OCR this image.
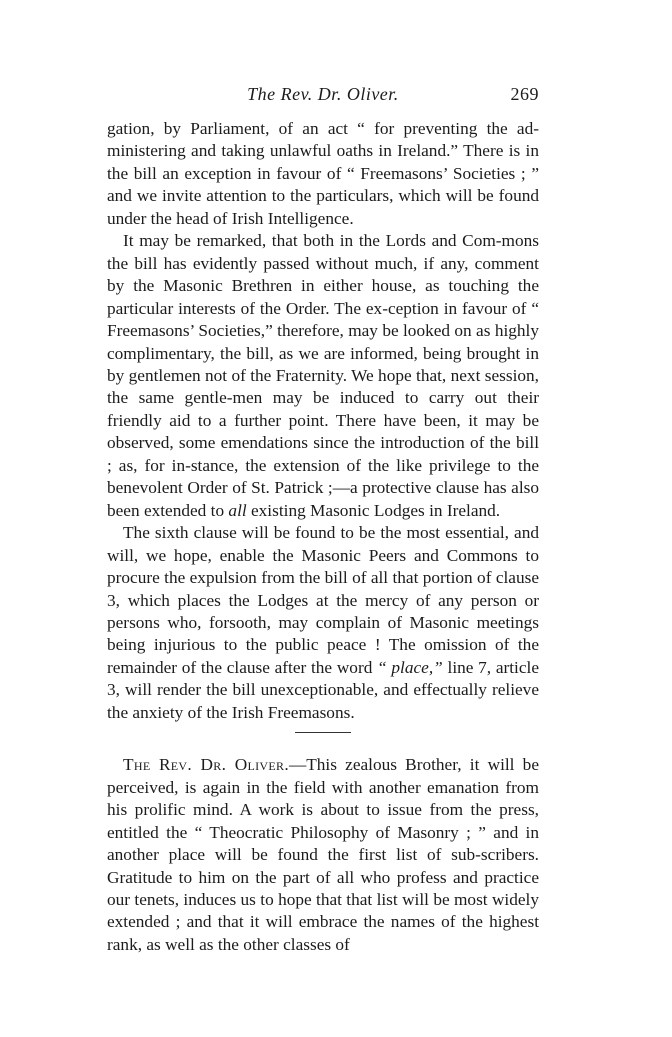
The Rev. Dr. Oliver.	269

gation, by Parliament, of an act “ for preventing the ad-ministering and taking unlawful oaths in Ireland.” There is in the bill an exception in favour of “ Freemasons’ Societies ; ” and we invite attention to the particulars, which will be found under the head of Irish Intelligence.

It may be remarked, that both in the Lords and Com-mons the bill has evidently passed without much, if any, comment by the Masonic Brethren in either house, as touching the particular interests of the Order. The ex-ception in favour of “ Freemasons’ Societies,” therefore, may be looked on as highly complimentary, the bill, as we are informed, being brought in by gentlemen not of the Fraternity. We hope that, next session, the same gentle-men may be induced to carry out their friendly aid to a further point. There have been, it may be observed, some emendations since the introduction of the bill ; as, for in-stance, the extension of the like privilege to the benevolent Order of St. Patrick ;—a protective clause has also been extended to all existing Masonic Lodges in Ireland.

The sixth clause will be found to be the most essential, and will, we hope, enable the Masonic Peers and Commons to procure the expulsion from the bill of all that portion of clause 3, which places the Lodges at the mercy of any person or persons who, forsooth, may complain of Masonic meetings being injurious to the public peace ! The omission of the remainder of the clause after the word “ place,” line 7, article 3, will render the bill unexceptionable, and effectually relieve the anxiety of the Irish Freemasons.

The Rev. Dr. Oliver.—This zealous Brother, it will be perceived, is again in the field with another emanation from his prolific mind. A work is about to issue from the press, entitled the “ Theocratic Philosophy of Masonry ; ” and in another place will be found the first list of sub-scribers. Gratitude to him on the part of all who profess and practice our tenets, induces us to hope that that list will be most widely extended ; and that it will embrace the names of the highest rank, as well as the other classes of
